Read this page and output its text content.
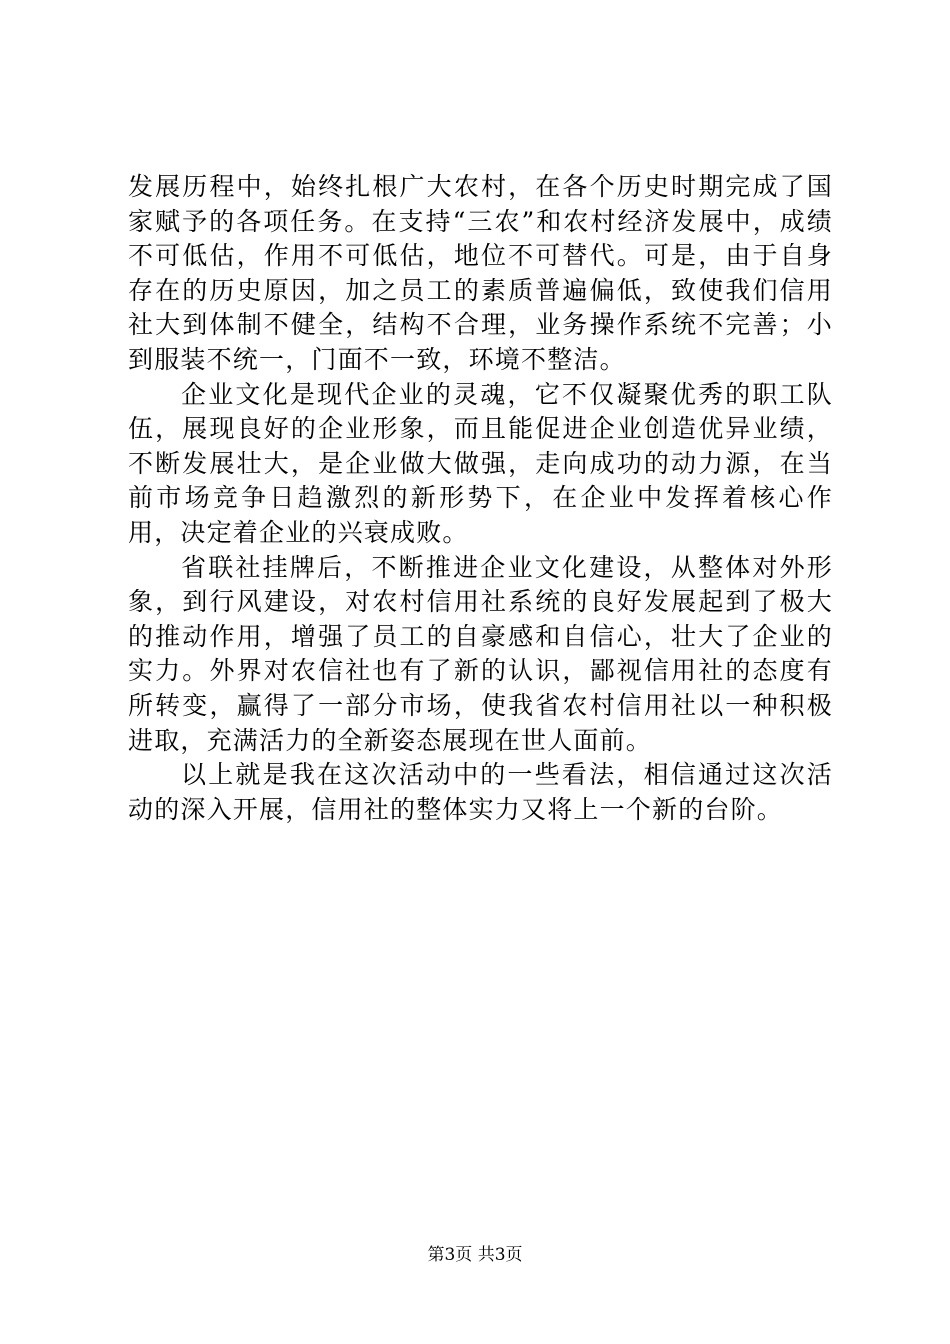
发展历程中，始终扎根广大农村，在各个历史时期完成了国家赋予的各项任务。在支持“三农”和农村经济发展中，成绩不可低估，作用不可低估，地位不可替代。可是，由于自身存在的历史原因，加之员工的素质普遍偏低，致使我们信用社大到体制不健全，结构不合理，业务操作系统不完善；小到服装不统一，门面不一致，环境不整洁。

企业文化是现代企业的灵魂，它不仅凝聚优秀的职工队伍，展现良好的企业形象，而且能促进企业创造优异业绩，不断发展壮大，是企业做大做强，走向成功的动力源，在当前市场竞争日趋激烈的新形势下，在企业中发挥着核心作用，决定着企业的兴衰成败。

省联社挂牌后，不断推进企业文化建设，从整体对外形象，到行风建设，对农村信用社系统的良好发展起到了极大的推动作用，增强了员工的自豪感和自信心，壮大了企业的实力。外界对农信社也有了新的认识，鄙视信用社的态度有所转变，赢得了一部分市场，使我省农村信用社以一种积极进取，充满活力的全新姿态展现在世人面前。

以上就是我在这次活动中的一些看法，相信通过这次活动的深入开展，信用社的整体实力又将上一个新的台阶。

第3页 共3页
